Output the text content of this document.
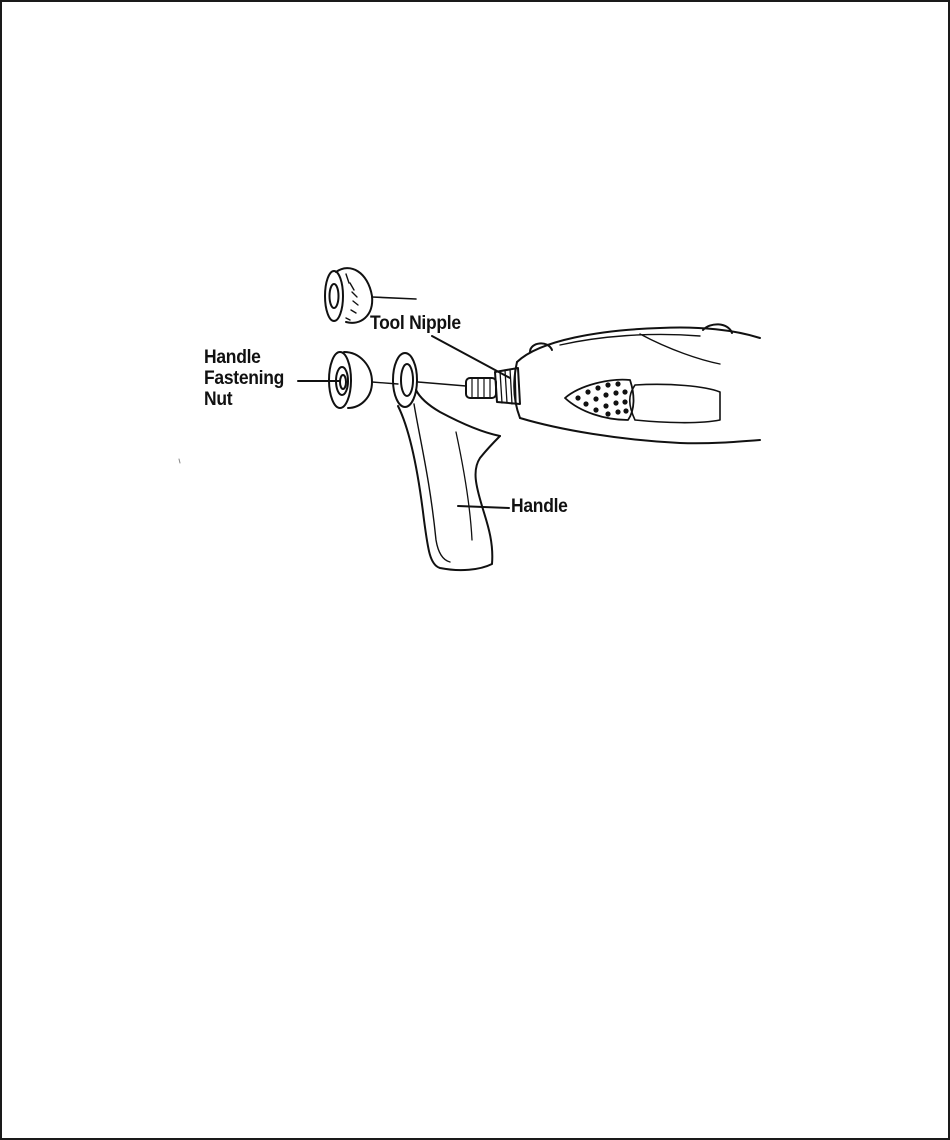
Tool Nipple
Handle
Fastening
Nut
Handle
